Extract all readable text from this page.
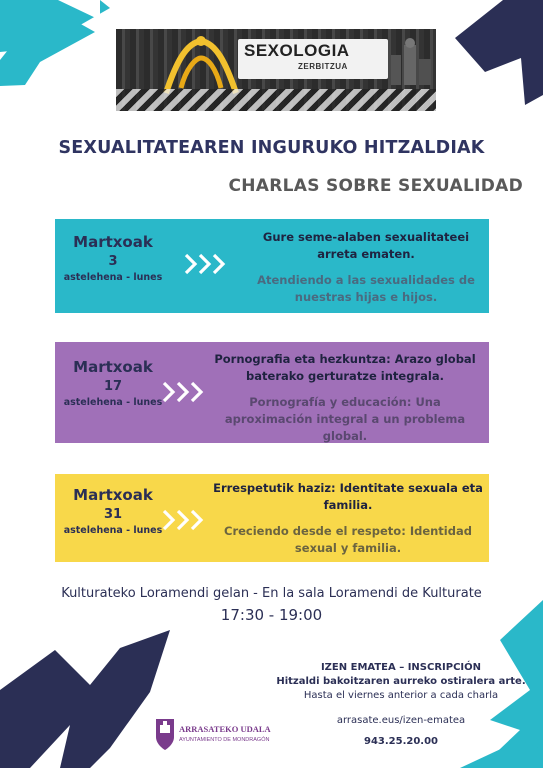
SEXOLOGIA
ZERBITZUA
SEXUALITATEAREN INGURUKO HITZALDIAK
CHARLAS SOBRE SEXUALIDAD
Martxoak
3
astelehena - lunes
Gure seme-alaben sexualitateei arreta ematen.
Atendiendo a las sexualidades de nuestras hijas e hijos.
Martxoak
17
astelehena - lunes
Pornografia eta hezkuntza: Arazo global baterako gerturatze integrala.
Pornografía y educación: Una aproximación integral a un problema global.
Martxoak
31
astelehena - lunes
Errespetutik haziz: Identitate sexuala eta familia.
Creciendo desde el respeto: Identidad sexual y familia.
Kulturateko Loramendi gelan - En la sala Loramendi de Kulturate
17:30 - 19:00
IZEN EMATEA – INSCRIPCIÓN
Hitzaldi bakoitzaren aurreko ostiralera arte.
Hasta el viernes anterior a cada charla
arrasate.eus/izen-ematea
943.25.20.00
ARRASATEKO UDALA
AYUNTAMIENTO DE MONDRAGÓN
